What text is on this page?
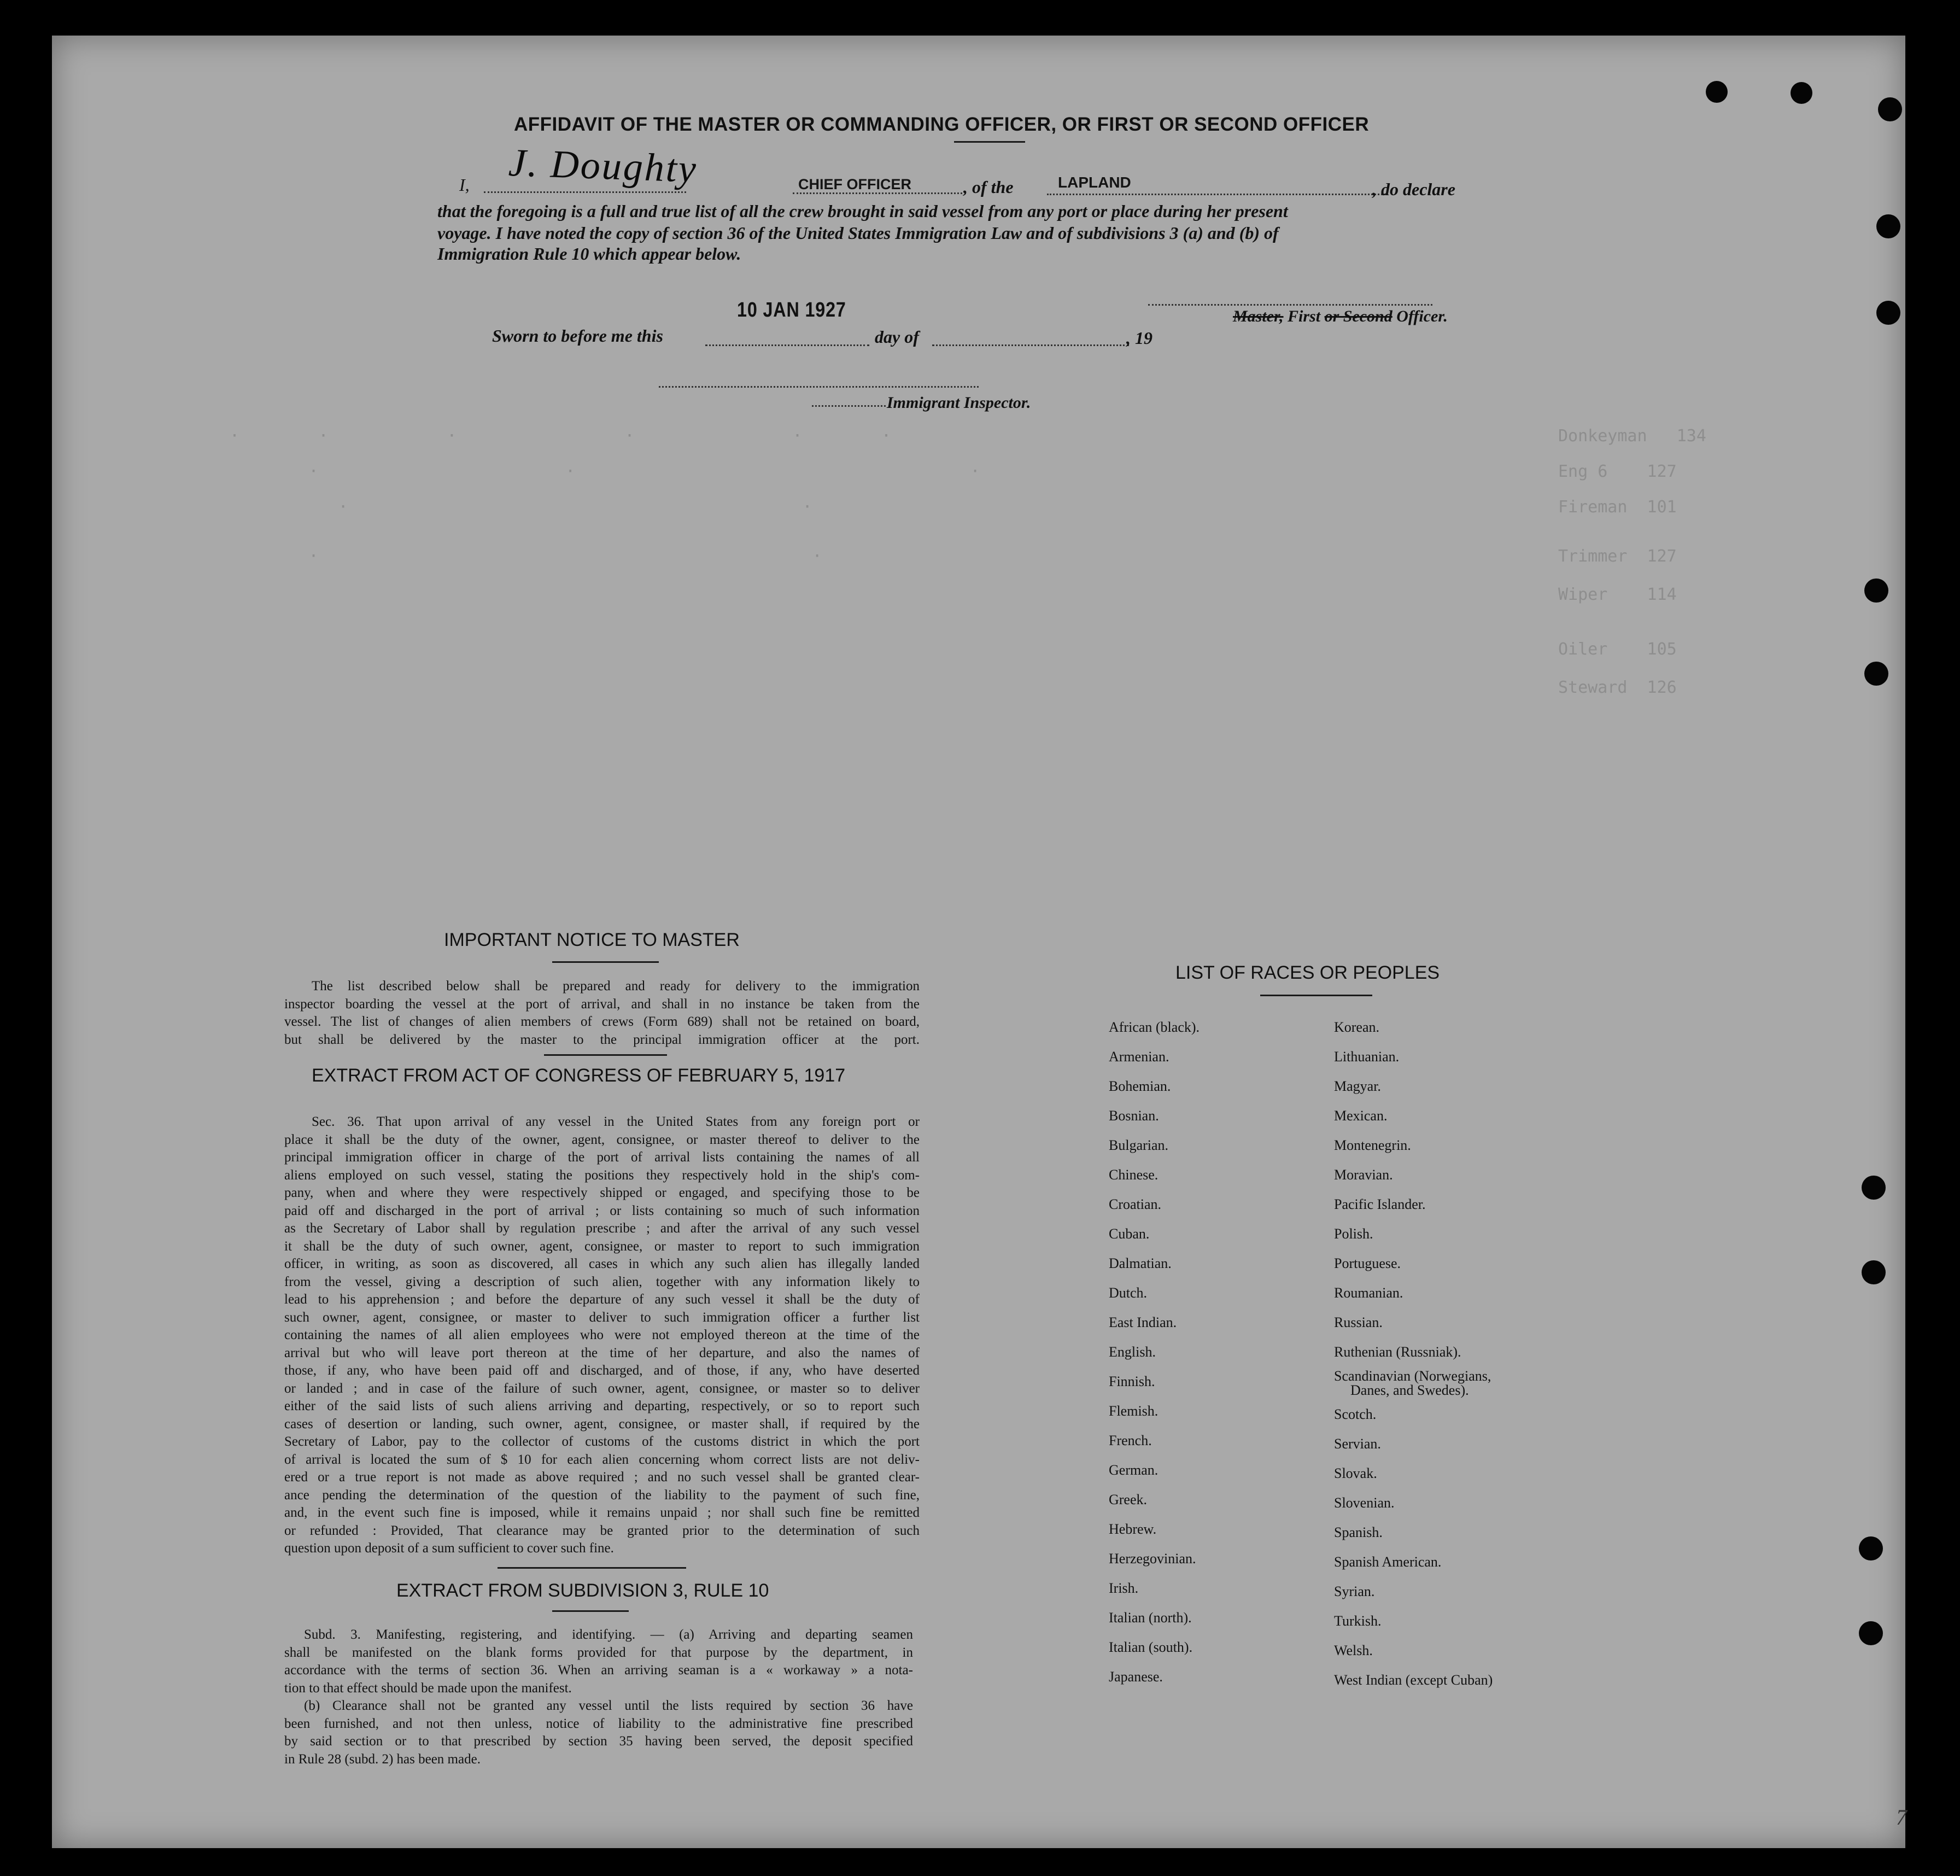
·        ·            ·                 ·                ·        ·	Donkeyman   134
·                         ·                                        ·	Eng 6    127
·                                              ·	Fireman  101
·                                                  ·	Trimmer  127
Wiper    114
Oiler    105
Steward  126
AFFIDAVIT OF THE MASTER OR COMMANDING OFFICER, OR FIRST OR SECOND OFFICER
I, J. Doughty	CHIEF OFFICER	, of the	LAPLAND	, do declare
that the foregoing is a full and true list of all the crew brought in said vessel from any port or place during her present
voyage. I have noted the copy of section 36 of the United States Immigration Law and of subdivisions 3 (a) and (b) of
Immigration Rule 10 which appear below.
10 JAN 1927
Sworn to before me this	day of	, 19
Master, First or Second Officer.
Immigrant Inspector.
IMPORTANT NOTICE TO MASTER
The list described below shall be prepared and ready for delivery to the immigration
inspector boarding the vessel at the port of arrival, and shall in no instance be taken from the
vessel. The list of changes of alien members of crews (Form 689) shall not be retained on board,
but shall be delivered by the master to the principal immigration officer at the port.
EXTRACT FROM ACT OF CONGRESS OF FEBRUARY 5, 1917
Sec. 36. That upon arrival of any vessel in the United States from any foreign port or
place it shall be the duty of the owner, agent, consignee, or master thereof to deliver to the
principal immigration officer in charge of the port of arrival lists containing the names of all
aliens employed on such vessel, stating the positions they respectively hold in the ship's com-
pany, when and where they were respectively shipped or engaged, and specifying those to be
paid off and discharged in the port of arrival ; or lists containing so much of such information
as the Secretary of Labor shall by regulation prescribe ; and after the arrival of any such vessel
it shall be the duty of such owner, agent, consignee, or master to report to such immigration
officer, in writing, as soon as discovered, all cases in which any such alien has illegally landed
from the vessel, giving a description of such alien, together with any information likely to
lead to his apprehension ; and before the departure of any such vessel it shall be the duty of
such owner, agent, consignee, or master to deliver to such immigration officer a further list
containing the names of all alien employees who were not employed thereon at the time of the
arrival but who will leave port thereon at the time of her departure, and also the names of
those, if any, who have been paid off and discharged, and of those, if any, who have deserted
or landed ; and in case of the failure of such owner, agent, consignee, or master so to deliver
either of the said lists of such aliens arriving and departing, respectively, or so to report such
cases of desertion or landing, such owner, agent, consignee, or master shall, if required by the
Secretary of Labor, pay to the collector of customs of the customs district in which the port
of arrival is located the sum of $ 10 for each alien concerning whom correct lists are not deliv-
ered or a true report is not made as above required ; and no such vessel shall be granted clear-
ance pending the determination of the question of the liability to the payment of such fine,
and, in the event such fine is imposed, while it remains unpaid ; nor shall such fine be remitted
or refunded : Provided, That clearance may be granted prior to the determination of such
question upon deposit of a sum sufficient to cover such fine.
EXTRACT FROM SUBDIVISION 3, RULE 10
Subd. 3. Manifesting, registering, and identifying. — (a) Arriving and departing seamen
shall be manifested on the blank forms provided for that purpose by the department, in
accordance with the terms of section 36. When an arriving seaman is a « workaway » a nota-
tion to that effect should be made upon the manifest.
(b) Clearance shall not be granted any vessel until the lists required by section 36 have
been furnished, and not then unless, notice of liability to the administrative fine prescribed
by said section or to that prescribed by section 35 having been served, the deposit specified
in Rule 28 (subd. 2) has been made.
LIST OF RACES OR PEOPLES
African (black).
Armenian.
Bohemian.
Bosnian.
Bulgarian.
Chinese.
Croatian.
Cuban.
Dalmatian.
Dutch.
East Indian.
English.
Finnish.
Flemish.
French.
German.
Greek.
Hebrew.
Herzegovinian.
Irish.
Italian (north).
Italian (south).
Japanese.
Korean.
Lithuanian.
Magyar.
Mexican.
Montenegrin.
Moravian.
Pacific Islander.
Polish.
Portuguese.
Roumanian.
Russian.
Ruthenian (Russniak).
Scandinavian (Norwegians,
Danes, and Swedes).
Scotch.
Servian.
Slovak.
Slovenian.
Spanish.
Spanish American.
Syrian.
Turkish.
Welsh.
West Indian (except Cuban)
7
